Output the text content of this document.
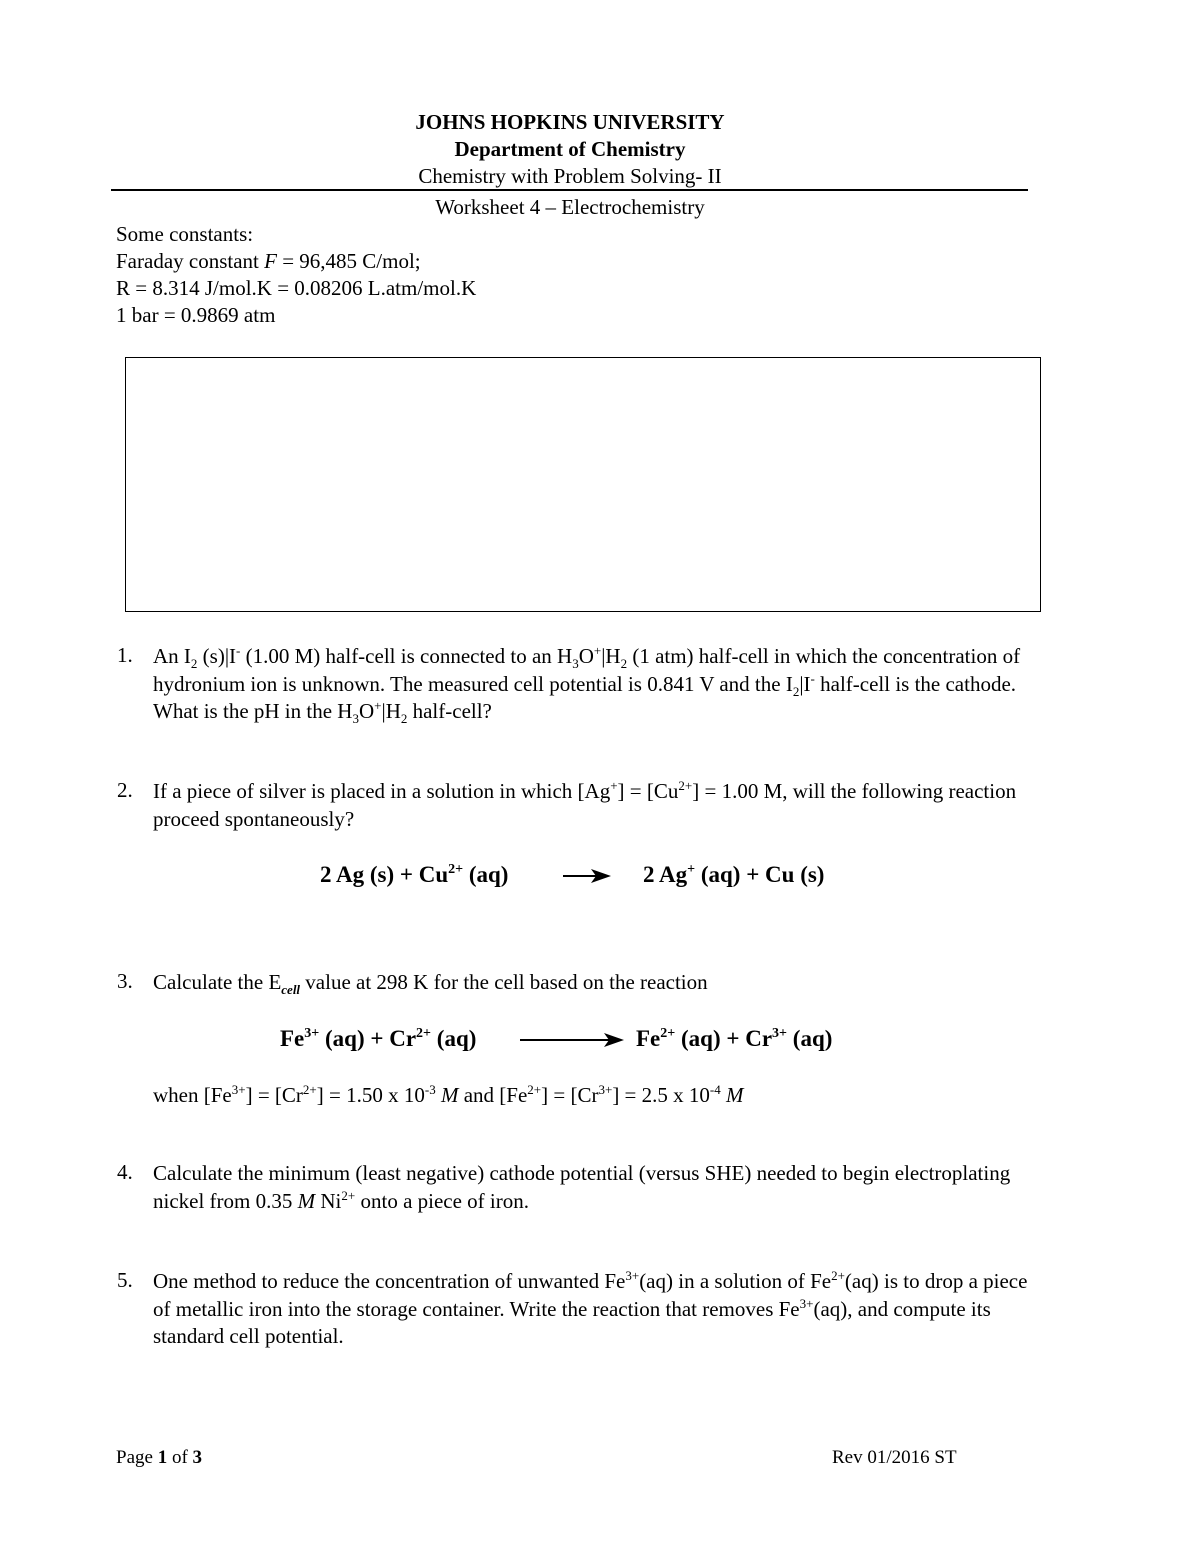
JOHNS HOPKINS UNIVERSITY
Department of Chemistry
Chemistry with Problem Solving- II
Worksheet 4 – Electrochemistry
Some constants:
Faraday constant F = 96,485 C/mol;
R = 8.314 J/mol.K = 0.08206 L.atm/mol.K
1 bar = 0.9869 atm
1. An $I_2$ (s)|I- (1.00 M) half-cell is connected to an $H_3O^+|H_2$ (1 atm) half-cell in which the concentration of hydronium ion is unknown. The measured cell potential is 0.841 V and the $I_2|I^-$ half-cell is the cathode. What is the pH in the $H_3O^+|H_2$ half-cell?

2. If a piece of silver is placed in a solution in which $[Ag^+] = [Cu^{2+}] = 1.00$ M, will the following reaction proceed spontaneously?

2 Ag $(s) + Cu^{2+}$ (aq)	→ 2 Ag+ (aq) + Cu (s)
3. Calculate the $E_{cell}$ value at 298 K for the cell based on the reaction

$Fe^{3+}$ $(aq) + Cr^{2+}$ (aq)	$Fe^{2+}$ $(aq) + Cr^{3+}$ (aq)
when $[Fe^{3+}] = [Cr^{2+}] = 1.50$ x $10^{-3}$ M and $[Fe^{2+}] = [Cr^{3+}] = 2.5$ x $10^{-4}$ M
4. Calculate the minimum (least negative) cathode potential (versus SHE) needed to begin electroplating nickel from 0.35 M $Ni^{2+}$ onto a piece of iron.

5. One method to reduce the concentration of unwanted $Fe^{3+}(aq)$ in a solution of $Fe^{2+}(aq)$ is to drop a piece of metallic iron into the storage container. Write the reaction that removes $Fe^{3+}(aq)$, and compute its standard cell potential.

Page 1 of 3	Rev 01/2016 ST
